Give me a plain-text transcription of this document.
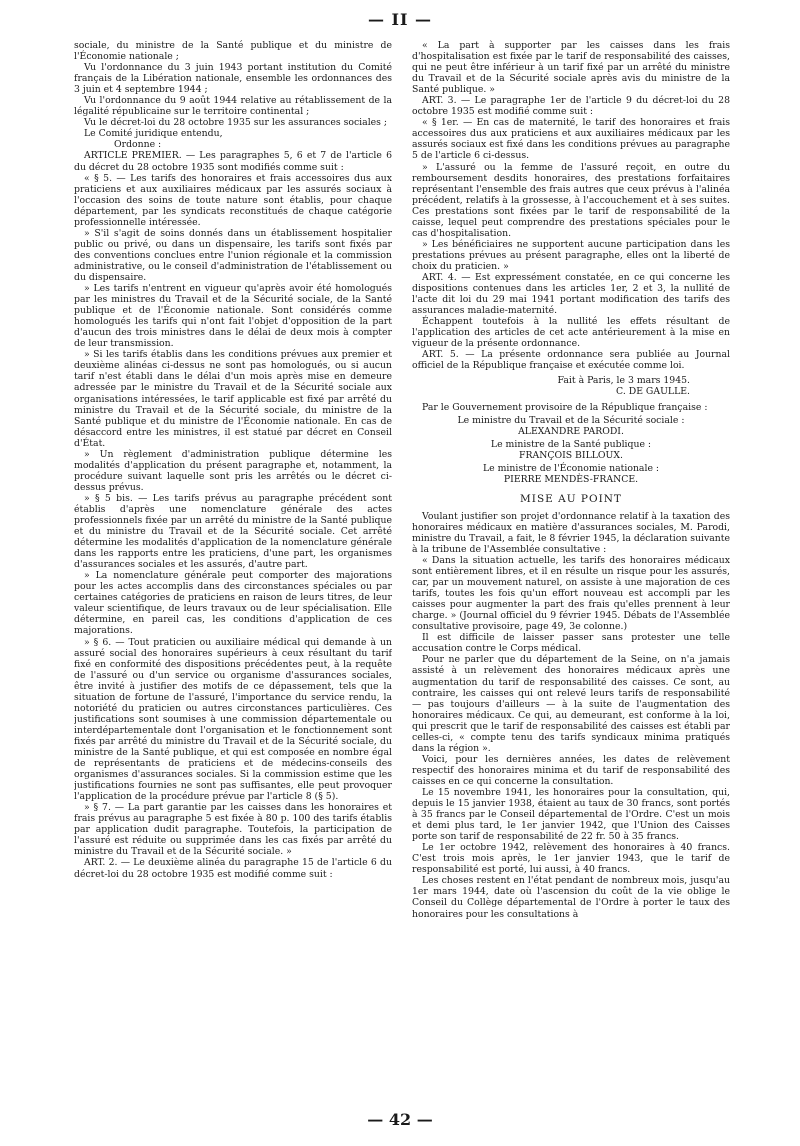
— II —

sociale, du ministre de la Santé publique et du ministre de l'Économie nationale ;

Vu l'ordonnance du 3 juin 1943 portant institution du Comité français de la Libération nationale, ensemble les ordonnances des 3 juin et 4 septembre 1944 ;

Vu l'ordonnance du 9 août 1944 relative au rétablissement de la légalité républicaine sur le territoire continental ;

Vu le décret-loi du 28 octobre 1935 sur les assurances sociales ;

Le Comité juridique entendu,

Ordonne :

ARTICLE PREMIER. — Les paragraphes 5, 6 et 7 de l'article 6 du décret du 28 octobre 1935 sont modifiés comme suit :

« § 5. — Les tarifs des honoraires et frais accessoires dus aux praticiens et aux auxiliaires médicaux par les assurés sociaux à l'occasion des soins de toute nature sont établis, pour chaque département, par les syndicats reconstitués de chaque catégorie professionnelle intéressée.

» S'il s'agit de soins donnés dans un établissement hospitalier public ou privé, ou dans un dispensaire, les tarifs sont fixés par des conventions conclues entre l'union régionale et la commission administrative, ou le conseil d'administration de l'établissement ou du dispensaire.

» Les tarifs n'entrent en vigueur qu'après avoir été homologués par les ministres du Travail et de la Sécurité sociale, de la Santé publique et de l'Économie nationale. Sont considérés comme homologués les tarifs qui n'ont fait l'objet d'opposition de la part d'aucun des trois ministres dans le délai de deux mois à compter de leur transmission.

» Si les tarifs établis dans les conditions prévues aux premier et deuxième alinéas ci-dessus ne sont pas homologués, ou si aucun tarif n'est établi dans le délai d'un mois après mise en demeure adressée par le ministre du Travail et de la Sécurité sociale aux organisations intéressées, le tarif applicable est fixé par arrêté du ministre du Travail et de la Sécurité sociale, du ministre de la Santé publique et du ministre de l'Économie nationale. En cas de désaccord entre les ministres, il est statué par décret en Conseil d'État.

» Un règlement d'administration publique détermine les modalités d'application du présent paragraphe et, notamment, la procédure suivant laquelle sont pris les arrêtés ou le décret ci-dessus prévus.

» § 5 bis. — Les tarifs prévus au paragraphe précédent sont établis d'après une nomenclature générale des actes professionnels fixée par un arrêté du ministre de la Santé publique et du ministre du Travail et de la Sécurité sociale. Cet arrêté détermine les modalités d'application de la nomenclature générale dans les rapports entre les praticiens, d'une part, les organismes d'assurances sociales et les assurés, d'autre part.

» La nomenclature générale peut comporter des majorations pour les actes accomplis dans des circonstances spéciales ou par certaines catégories de praticiens en raison de leurs titres, de leur valeur scientifique, de leurs travaux ou de leur spécialisation. Elle détermine, en pareil cas, les conditions d'application de ces majorations.

» § 6. — Tout praticien ou auxiliaire médical qui demande à un assuré social des honoraires supérieurs à ceux résultant du tarif fixé en conformité des dispositions précédentes peut, à la requête de l'assuré ou d'un service ou organisme d'assurances sociales, être invité à justifier des motifs de ce dépassement, tels que la situation de fortune de l'assuré, l'importance du service rendu, la notoriété du praticien ou autres circonstances particulières. Ces justifications sont soumises à une commission départementale ou interdépartementale dont l'organisation et le fonctionnement sont fixés par arrêté du ministre du Travail et de la Sécurité sociale, du ministre de la Santé publique, et qui est composée en nombre égal de représentants de praticiens et de médecins-conseils des organismes d'assurances sociales. Si la commission estime que les justifications fournies ne sont pas suffisantes, elle peut provoquer l'application de la procédure prévue par l'article 8 (§ 5).

» § 7. — La part garantie par les caisses dans les honoraires et frais prévus au paragraphe 5 est fixée à 80 p. 100 des tarifs établis par application dudit paragraphe. Toutefois, la participation de l'assuré est réduite ou supprimée dans les cas fixés par arrêté du ministre du Travail et de la Sécurité sociale. »

ART. 2. — Le deuxième alinéa du paragraphe 15 de l'article 6 du décret-loi du 28 octobre 1935 est modifié comme suit :

« La part à supporter par les caisses dans les frais d'hospitalisation est fixée par le tarif de responsabilité des caisses, qui ne peut être inférieur à un tarif fixé par un arrêté du ministre du Travail et de la Sécurité sociale après avis du ministre de la Santé publique. »

ART. 3. — Le paragraphe 1er de l'article 9 du décret-loi du 28 octobre 1935 est modifié comme suit :

« § 1er. — En cas de maternité, le tarif des honoraires et frais accessoires dus aux praticiens et aux auxiliaires médicaux par les assurés sociaux est fixé dans les conditions prévues au paragraphe 5 de l'article 6 ci-dessus.

» L'assuré ou la femme de l'assuré reçoit, en outre du remboursement desdits honoraires, des prestations forfaitaires représentant l'ensemble des frais autres que ceux prévus à l'alinéa précédent, relatifs à la grossesse, à l'accouchement et à ses suites. Ces prestations sont fixées par le tarif de responsabilité de la caisse, lequel peut comprendre des prestations spéciales pour le cas d'hospitalisation.

» Les bénéficiaires ne supportent aucune participation dans les prestations prévues au présent paragraphe, elles ont la liberté de choix du praticien. »

ART. 4. — Est expressément constatée, en ce qui concerne les dispositions contenues dans les articles 1er, 2 et 3, la nullité de l'acte dit loi du 29 mai 1941 portant modification des tarifs des assurances maladie-maternité.

Échappent toutefois à la nullité les effets résultant de l'application des articles de cet acte antérieurement à la mise en vigueur de la présente ordonnance.

ART. 5. — La présente ordonnance sera publiée au Journal officiel de la République française et exécutée comme loi.

Fait à Paris, le 3 mars 1945.

C. DE GAULLE.

Par le Gouvernement provisoire de la République française :

Le ministre du Travail et de la Sécurité sociale :

ALEXANDRE PARODI.

Le ministre de la Santé publique :

FRANÇOIS BILLOUX.

Le ministre de l'Économie nationale :

PIERRE MENDÈS-FRANCE.

MISE AU POINT

Voulant justifier son projet d'ordonnance relatif à la taxation des honoraires médicaux en matière d'assurances sociales, M. Parodi, ministre du Travail, a fait, le 8 février 1945, la déclaration suivante à la tribune de l'Assemblée consultative :

« Dans la situation actuelle, les tarifs des honoraires médicaux sont entièrement libres, et il en résulte un risque pour les assurés, car, par un mouvement naturel, on assiste à une majoration de ces tarifs, toutes les fois qu'un effort nouveau est accompli par les caisses pour augmenter la part des frais qu'elles prennent à leur charge. » (Journal officiel du 9 février 1945. Débats de l'Assemblée consultative provisoire, page 49, 3e colonne.)

Il est difficile de laisser passer sans protester une telle accusation contre le Corps médical.

Pour ne parler que du département de la Seine, on n'a jamais assisté à un relèvement des honoraires médicaux après une augmentation du tarif de responsabilité des caisses. Ce sont, au contraire, les caisses qui ont relevé leurs tarifs de responsabilité — pas toujours d'ailleurs — à la suite de l'augmentation des honoraires médicaux. Ce qui, au demeurant, est conforme à la loi, qui prescrit que le tarif de responsabilité des caisses est établi par celles-ci, « compte tenu des tarifs syndicaux minima pratiqués dans la région ».

Voici, pour les dernières années, les dates de relèvement respectif des honoraires minima et du tarif de responsabilité des caisses en ce qui concerne la consultation.

Le 15 novembre 1941, les honoraires pour la consultation, qui, depuis le 15 janvier 1938, étaient au taux de 30 francs, sont portés à 35 francs par le Conseil départemental de l'Ordre. C'est un mois et demi plus tard, le 1er janvier 1942, que l'Union des Caisses porte son tarif de responsabilité de 22 fr. 50 à 35 francs.

Le 1er octobre 1942, relèvement des honoraires à 40 francs. C'est trois mois après, le 1er janvier 1943, que le tarif de responsabilité est porté, lui aussi, à 40 francs.

Les choses restent en l'état pendant de nombreux mois, jusqu'au 1er mars 1944, date où l'ascension du coût de la vie oblige le Conseil du Collège départemental de l'Ordre à porter le taux des honoraires pour les consultations à

— 42 —
